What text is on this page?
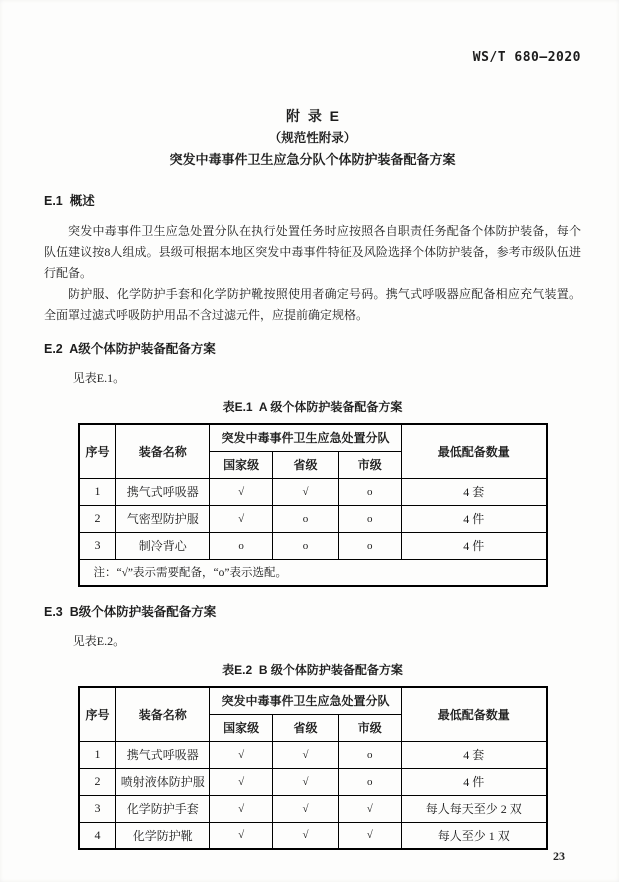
WS/T 680—2020
附  录  E
（规范性附录）
突发中毒事件卫生应急分队个体防护装备配备方案
E.1  概述
突发中毒事件卫生应急处置分队在执行处置任务时应按照各自职责任务配备个体防护装备，每个队伍建议按8人组成。县级可根据本地区突发中毒事件特征及风险选择个体防护装备，参考市级队伍进行配备。
防护服、化学防护手套和化学防护靴按照使用者确定号码。携气式呼吸器应配备相应充气装置。全面罩过滤式呼吸防护用品不含过滤元件，应提前确定规格。
E.2  A级个体防护装备配备方案
见表E.1。
表E.1  A 级个体防护装备配备方案
序号	装备名称	突发中毒事件卫生应急处置分队			最低配备数量
		国家级	省级	市级	
1	携气式呼吸器	√	√	o	4 套
2	气密型防护服	√	o	o	4 件
3	制冷背心	o	o	o	4 件
注：“√”表示需要配备，“o”表示选配。					
E.3  B级个体防护装备配备方案
见表E.2。
表E.2  B 级个体防护装备配备方案
序号	装备名称	突发中毒事件卫生应急处置分队			最低配备数量
		国家级	省级	市级	
1	携气式呼吸器	√	√	o	4 套
2	喷射液体防护服	√	√	o	4 件
3	化学防护手套	√	√	√	每人每天至少 2 双
4	化学防护靴	√	√	√	每人至少 1 双
23
